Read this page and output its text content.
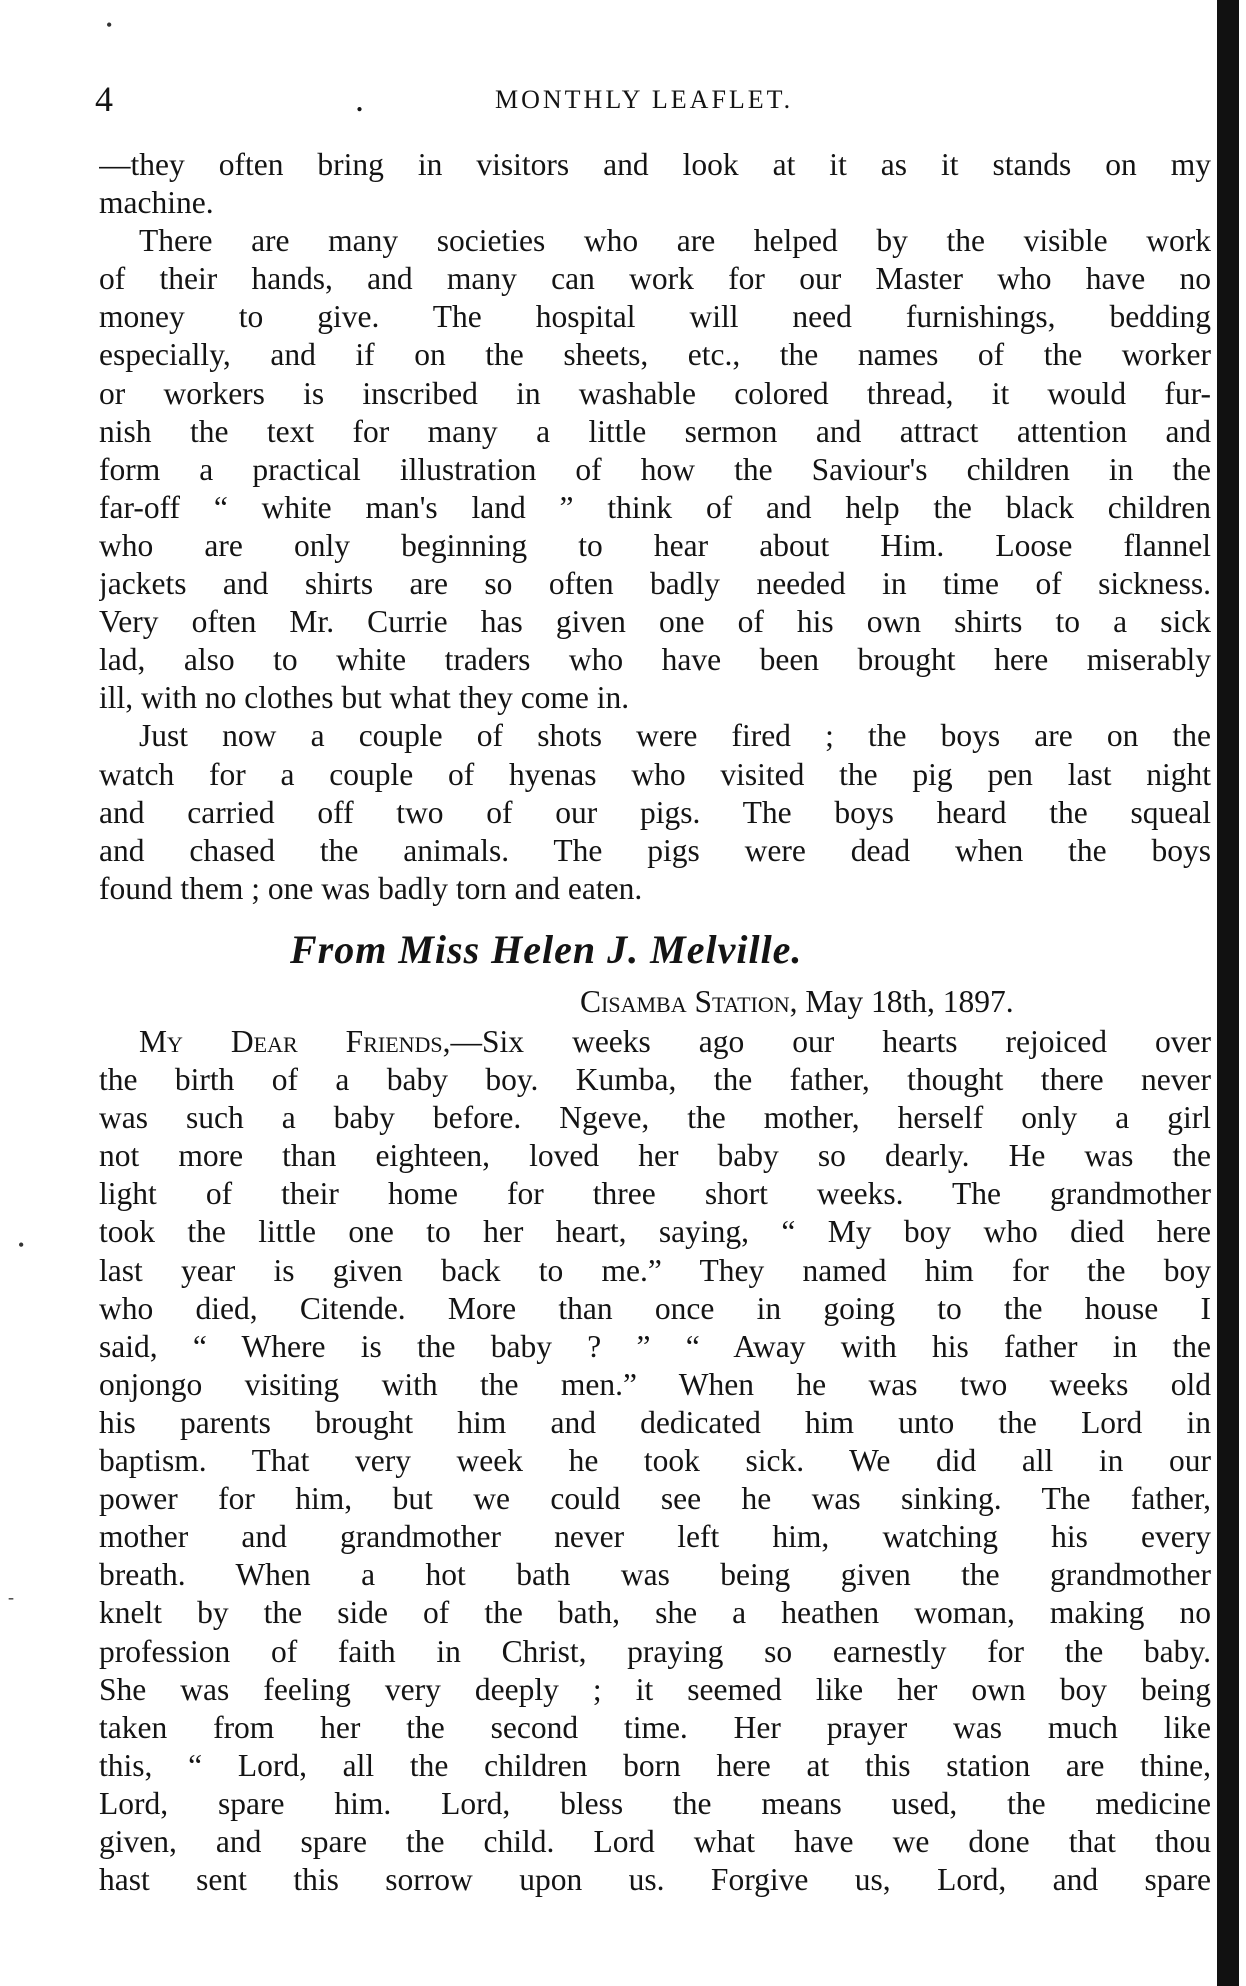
4	.	MONTHLY LEAFLET.
—they often bring in visitors and look at it as it stands on my
machine.
There are many societies who are helped by the visible work
of their hands, and many can work for our Master who have no
money to give. The hospital will need furnishings, bedding
especially, and if on the sheets, etc., the names of the worker
or workers is inscribed in washable colored thread, it would fur-
nish the text for many a little sermon and attract attention and
form a practical illustration of how the Saviour's children in the
far-off “ white man's land ” think of and help the black children
who are only beginning to hear about Him. Loose flannel
jackets and shirts are so often badly needed in time of sickness.
Very often Mr. Currie has given one of his own shirts to a sick
lad, also to white traders who have been brought here miserably
ill, with no clothes but what they come in.
Just now a couple of shots were fired ; the boys are on the
watch for a couple of hyenas who visited the pig pen last night
and carried off two of our pigs. The boys heard the squeal
and chased the animals. The pigs were dead when the boys
found them ; one was badly torn and eaten.
From Miss Helen J. Melville.
Cisamba Station, May 18th, 1897.
My Dear Friends,—Six weeks ago our hearts rejoiced over
the birth of a baby boy. Kumba, the father, thought there never
was such a baby before. Ngeve, the mother, herself only a girl
not more than eighteen, loved her baby so dearly. He was the
light of their home for three short weeks. The grandmother
took the little one to her heart, saying, “ My boy who died here
last year is given back to me.” They named him for the boy
who died, Citende. More than once in going to the house I
said, “ Where is the baby ? ” “ Away with his father in the
onjongo visiting with the men.” When he was two weeks old
his parents brought him and dedicated him unto the Lord in
baptism. That very week he took sick. We did all in our
power for him, but we could see he was sinking. The father,
mother and grandmother never left him, watching his every
breath. When a hot bath was being given the grandmother
knelt by the side of the bath, she a heathen woman, making no
profession of faith in Christ, praying so earnestly for the baby.
She was feeling very deeply ; it seemed like her own boy being
taken from her the second time. Her prayer was much like
this, “ Lord, all the children born here at this station are thine,
Lord, spare him. Lord, bless the means used, the medicine
given, and spare the child. Lord what have we done that thou
hast sent this sorrow upon us. Forgive us, Lord, and spare
•
•
-
